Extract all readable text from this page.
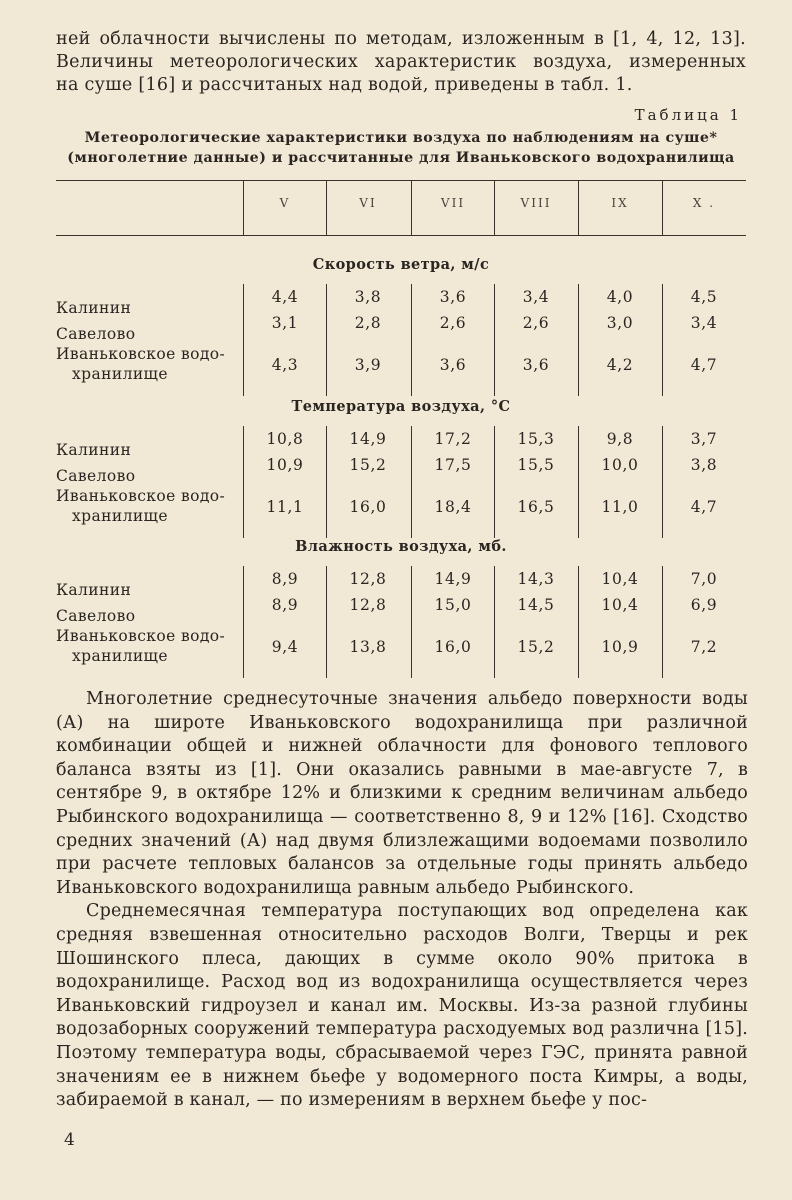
ней облачности вычислены по методам, изложенным в [1, 4, 12, 13].

Величины метеорологических характеристик воздуха, измеренных

на суше [16] и рассчитаных над водой, приведены в табл. 1.

Таблица 1
Метеорологические характеристики воздуха по наблюдениям на суше*
(многолетние данные) и рассчитанные для Иваньковского водохранилища
V	VI	VII	VIII	IX	X .
Скорость ветра, м/с
Калинин
4,4	3,8	3,6	3,4	4,0	4,5
Савелово
3,1	2,8	2,6	2,6	3,0	3,4
Иваньковское водо-
хранилище	4,3	3,9	3,6	3,6	4,2	4,7
Температура воздуха, °С
Калинин
10,8	14,9	17,2	15,3	9,8	3,7
Савелово
10,9	15,2	17,5	15,5	10,0	3,8
Иваньковское водо-
хранилище	11,1	16,0	18,4	16,5	11,0	4,7
Влажность воздуха, мб.
Калинин
8,9	12,8	14,9	14,3	10,4	7,0
Савелово
8,9	12,8	15,0	14,5	10,4	6,9
Иваньковское водо-
хранилище	9,4	13,8	16,0	15,2	10,9	7,2

Многолетние среднесуточные значения альбедо поверхности воды (А) на широте Иваньковского водохранилища при различной комбинации общей и нижней облачности для фонового теплового баланса взяты из [1]. Они оказались равными в мае-августе 7, в сентябре 9, в октябре 12% и близкими к средним величинам альбедо Рыбинского водохранилища — соответственно 8, 9 и 12% [16]. Сходство средних значений (А) над двумя близлежащими водоемами позволило при расчете тепловых балансов за отдельные годы принять альбедо Иваньковского водохранилища равным альбедо Рыбинского.

Среднемесячная температура поступающих вод определена как средняя взвешенная относительно расходов Волги, Тверцы и рек Шошинского плеса, дающих в сумме около 90% притока в водохранилище. Расход вод из водохранилища осуществляется через Иваньковский гидроузел и канал им. Москвы. Из-за разной глубины водозаборных сооружений температура расходуемых вод различна [15]. Поэтому температура воды, сбрасываемой через ГЭС, принята равной значениям ее в нижнем бьефе у водомерного поста Кимры, а воды, забираемой в канал, — по измерениям в верхнем бьефе у пос-

4
